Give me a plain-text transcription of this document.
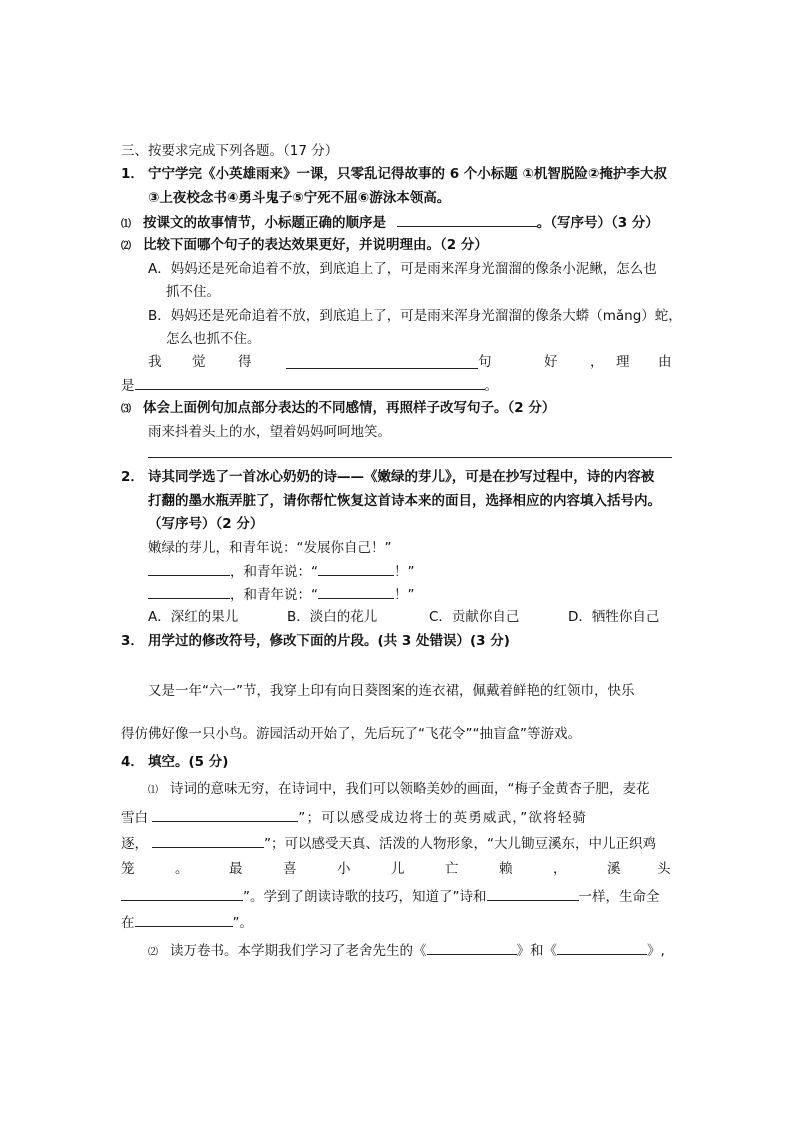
三、按要求完成下列各题。（17 分）
1． 宁宁学完《小英雄雨来》一课，只零乱记得故事的 6 个小标题 ①机智脱险②掩护李大叔
③上夜校念书④勇斗鬼子⑤宁死不屈⑥游泳本领高。
⑴ 按课文的故事情节，小标题正确的顺序是	。（写序号）（3 分）
⑵ 比较下面哪个句子的表达效果更好，并说明理由。（2 分）
A．妈妈还是死命追着不放，到底追上了，可是雨来浑身光溜溜的像条小泥鳅，怎么也
抓不住。
B．妈妈还是死命追着不放，到底追上了，可是雨来浑身光溜溜的像条大蟒（mǎng）蛇，
怎么也抓不住。
我 觉 得	句	好 ， 理 由
是	。
⑶ 体会上面例句加点部分表达的不同感情，再照样子改写句子。（2 分）
雨来抖着头上的水，望着妈妈呵呵地笑。
2． 诗其同学选了一首冰心奶奶的诗——《嫩绿的芽儿》，可是在抄写过程中，诗的内容被
打翻的墨水瓶弄脏了，请你帮忙恢复这首诗本来的面目，选择相应的内容填入括号内。
（写序号）（2 分）
嫩绿的芽儿，和青年说：“发展你自己！”
，和青年说：“	！”
，和青年说：“	！”
A．深红的果儿	B．淡白的花儿	C．贡献你自己	D．牺牲你自己
3． 用学过的修改符号，修改下面的片段。(共 3 处错误）(3 分)
又是一年“六一”节，我穿上印有向日葵图案的连衣裙，佩戴着鲜艳的红领巾，快乐
得仿佛好像一只小鸟。游园活动开始了，先后玩了“飞花令”“抽盲盒”等游戏。
4． 填空。(5 分)
⑴ 诗词的意味无穷，在诗词中，我们可以领略美妙的画面，“梅子金黄杏子肥，麦花
雪白	”；可以感受成边将士的英勇威武，”欲将轻骑
逐，	”；可以感受天真、活泼的人物形象，“大儿锄豆溪东，中儿正织鸡
笼	。	最	喜	小	儿	亡	赖	，	溪	头
”。学到了朗读诗歌的技巧，知道了”诗和	一样，生命全
在	”。
⑵ 读万卷书。本学期我们学习了老舍先生的《	》和《	》,
